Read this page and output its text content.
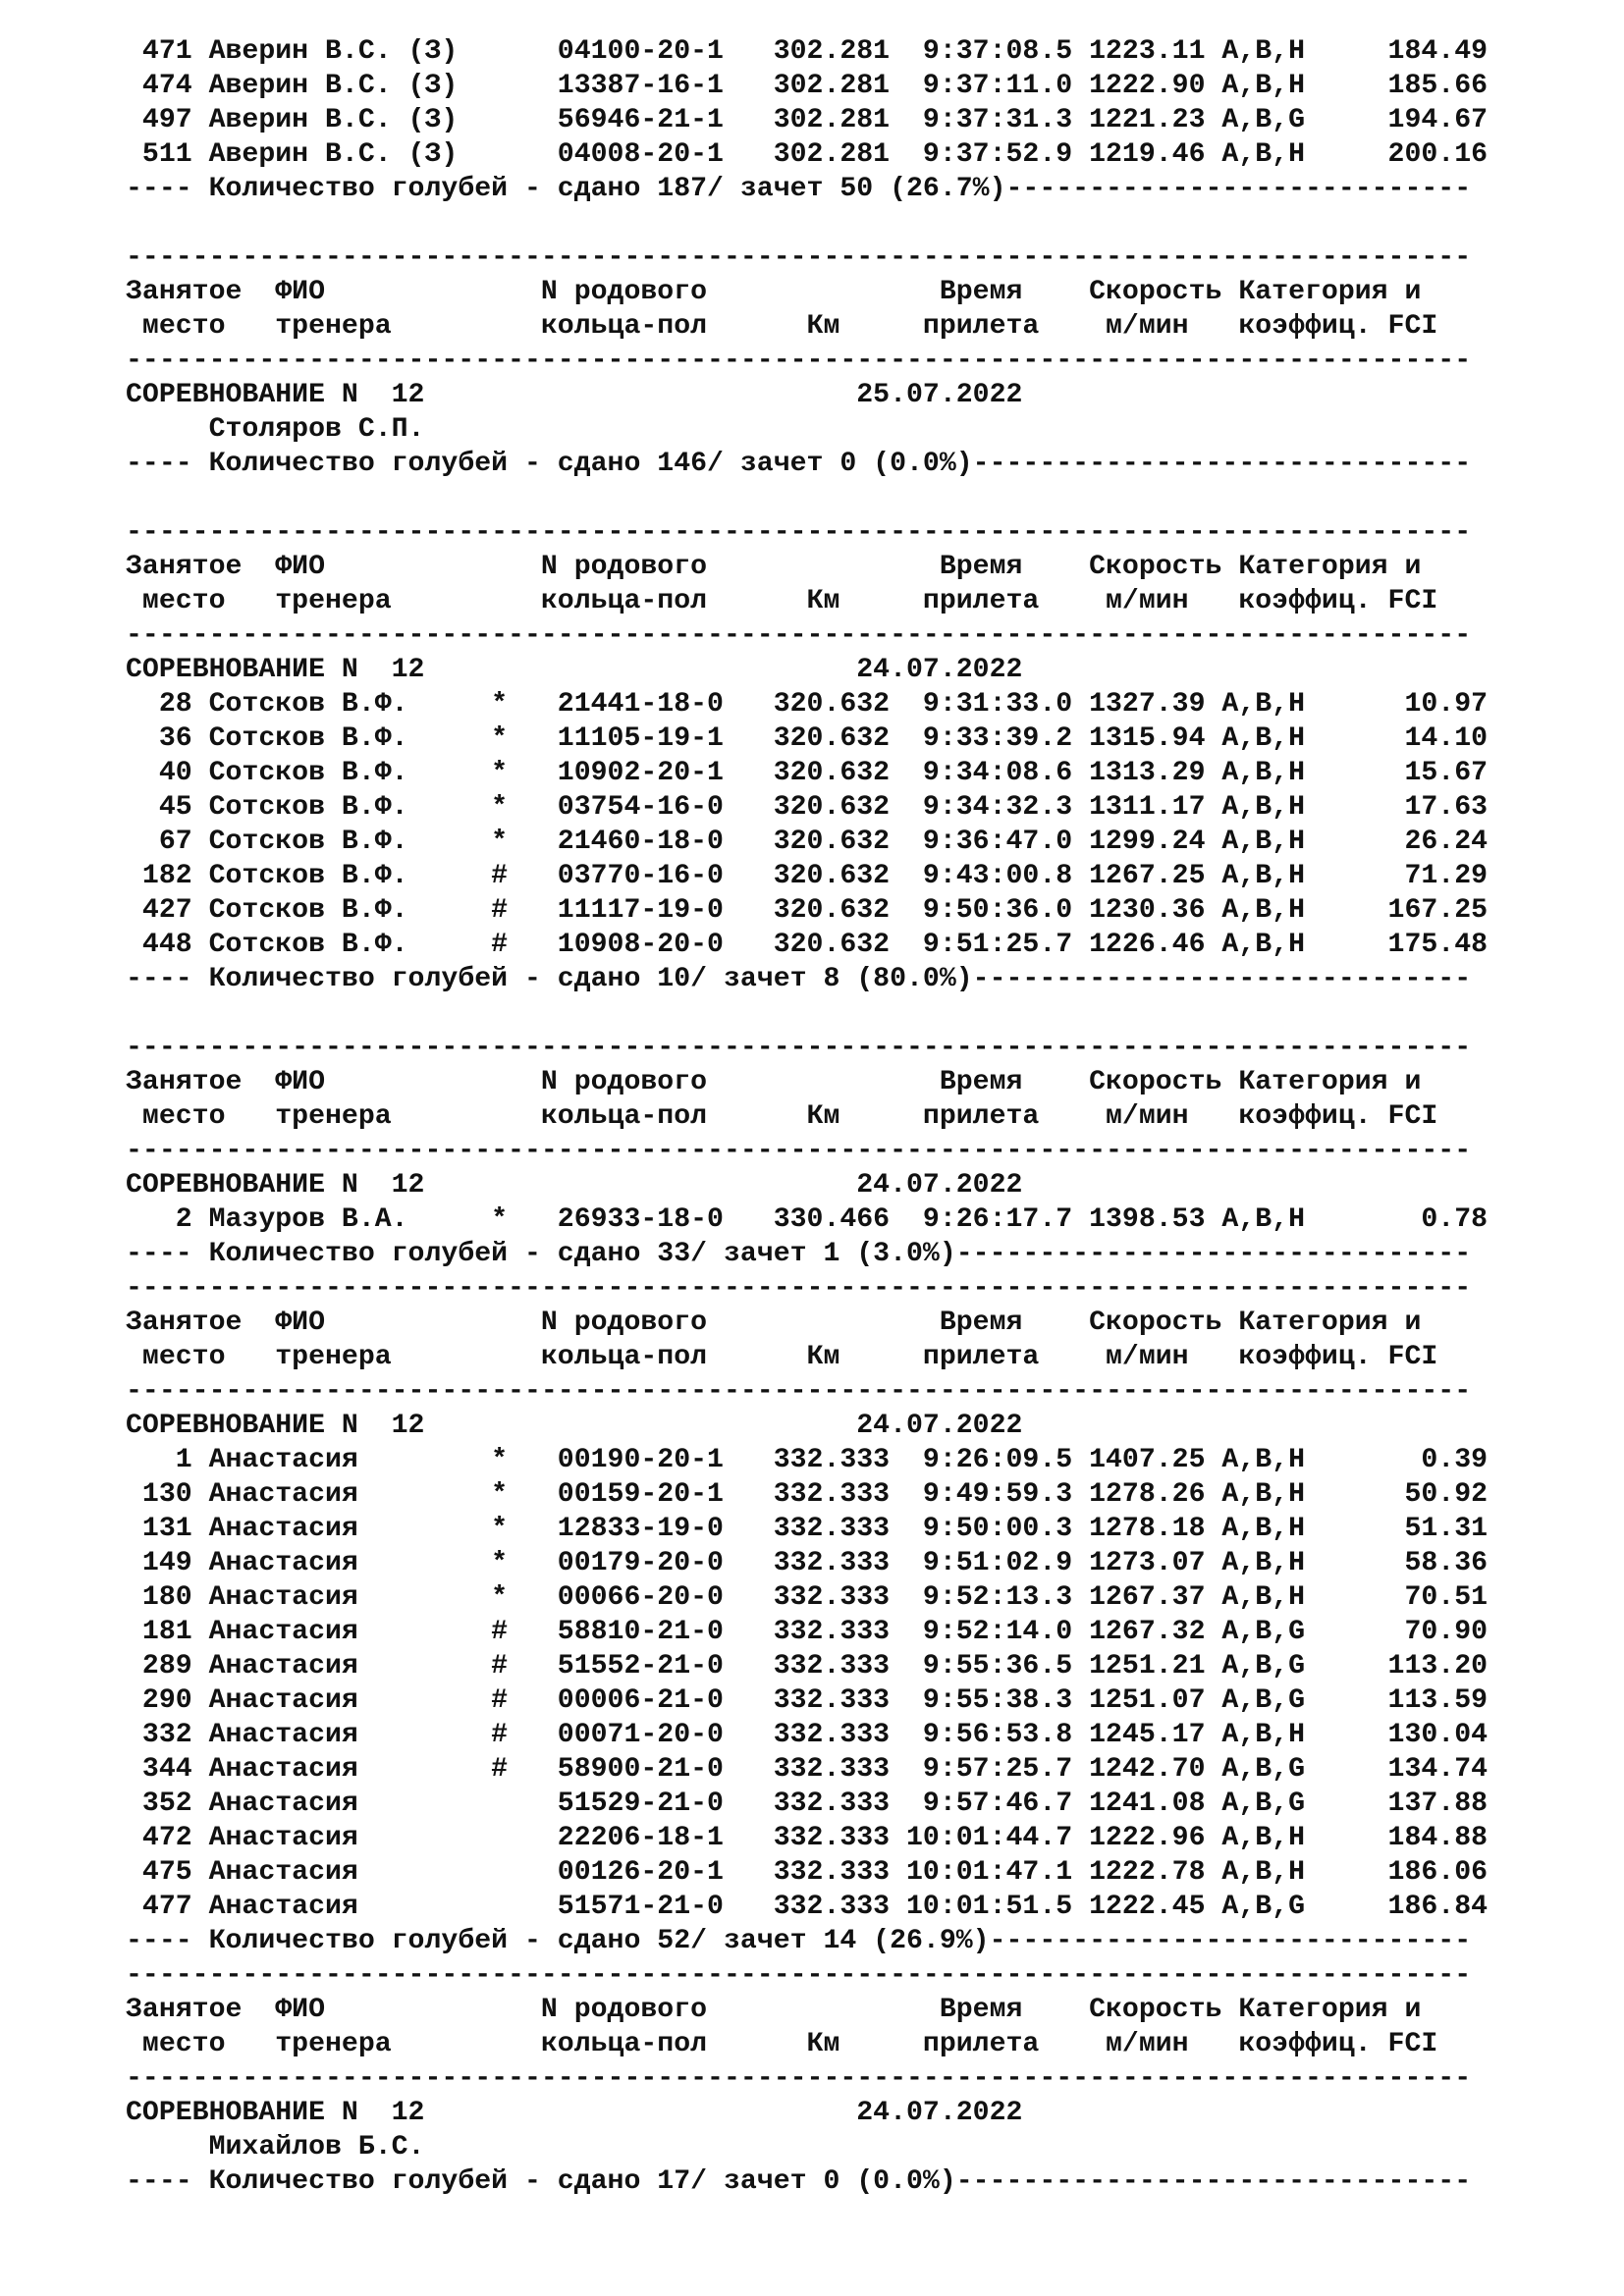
471 Аверин В.С. (З)      04100-20-1   302.281  9:37:08.5 1223.11 A,B,H     184.49
474 Аверин В.С. (З)      13387-16-1   302.281  9:37:11.0 1222.90 A,B,H     185.66
497 Аверин В.С. (З)      56946-21-1   302.281  9:37:31.3 1221.23 A,B,G     194.67
511 Аверин В.С. (З)      04008-20-1   302.281  9:37:52.9 1219.46 A,B,H     200.16
---- Количество голубей - сдано 187/ зачет 50 (26.7%)----------------------------
---------------------------------------------------------------------------------
Занятое  ФИО             N родового              Время    Скорость Категория и
место   тренера         кольца-пол      Км     прилета    м/мин   коэффиц. FCI
---------------------------------------------------------------------------------
СОРЕВНОВАНИЕ N  12                          25.07.2022
Столяров С.П.
---- Количество голубей - сдано 146/ зачет 0 (0.0%)------------------------------
---------------------------------------------------------------------------------
Занятое  ФИО             N родового              Время    Скорость Категория и
место   тренера         кольца-пол      Км     прилета    м/мин   коэффиц. FCI
---------------------------------------------------------------------------------
СОРЕВНОВАНИЕ N  12                          24.07.2022
28 Сотсков В.Ф.     *   21441-18-0   320.632  9:31:33.0 1327.39 A,B,H      10.97
36 Сотсков В.Ф.     *   11105-19-1   320.632  9:33:39.2 1315.94 A,B,H      14.10
40 Сотсков В.Ф.     *   10902-20-1   320.632  9:34:08.6 1313.29 A,B,H      15.67
45 Сотсков В.Ф.     *   03754-16-0   320.632  9:34:32.3 1311.17 A,B,H      17.63
67 Сотсков В.Ф.     *   21460-18-0   320.632  9:36:47.0 1299.24 A,B,H      26.24
182 Сотсков В.Ф.     #   03770-16-0   320.632  9:43:00.8 1267.25 A,B,H      71.29
427 Сотсков В.Ф.     #   11117-19-0   320.632  9:50:36.0 1230.36 A,B,H     167.25
448 Сотсков В.Ф.     #   10908-20-0   320.632  9:51:25.7 1226.46 A,B,H     175.48
---- Количество голубей - сдано 10/ зачет 8 (80.0%)------------------------------
---------------------------------------------------------------------------------
Занятое  ФИО             N родового              Время    Скорость Категория и
место   тренера         кольца-пол      Км     прилета    м/мин   коэффиц. FCI
---------------------------------------------------------------------------------
СОРЕВНОВАНИЕ N  12                          24.07.2022
2 Мазуров В.А.     *   26933-18-0   330.466  9:26:17.7 1398.53 A,B,H       0.78
---- Количество голубей - сдано 33/ зачет 1 (3.0%)-------------------------------
---------------------------------------------------------------------------------
Занятое  ФИО             N родового              Время    Скорость Категория и
место   тренера         кольца-пол      Км     прилета    м/мин   коэффиц. FCI
---------------------------------------------------------------------------------
СОРЕВНОВАНИЕ N  12                          24.07.2022
1 Анастасия        *   00190-20-1   332.333  9:26:09.5 1407.25 A,B,H       0.39
130 Анастасия        *   00159-20-1   332.333  9:49:59.3 1278.26 A,B,H      50.92
131 Анастасия        *   12833-19-0   332.333  9:50:00.3 1278.18 A,B,H      51.31
149 Анастасия        *   00179-20-0   332.333  9:51:02.9 1273.07 A,B,H      58.36
180 Анастасия        *   00066-20-0   332.333  9:52:13.3 1267.37 A,B,H      70.51
181 Анастасия        #   58810-21-0   332.333  9:52:14.0 1267.32 A,B,G      70.90
289 Анастасия        #   51552-21-0   332.333  9:55:36.5 1251.21 A,B,G     113.20
290 Анастасия        #   00006-21-0   332.333  9:55:38.3 1251.07 A,B,G     113.59
332 Анастасия        #   00071-20-0   332.333  9:56:53.8 1245.17 A,B,H     130.04
344 Анастасия        #   58900-21-0   332.333  9:57:25.7 1242.70 A,B,G     134.74
352 Анастасия            51529-21-0   332.333  9:57:46.7 1241.08 A,B,G     137.88
472 Анастасия            22206-18-1   332.333 10:01:44.7 1222.96 A,B,H     184.88
475 Анастасия            00126-20-1   332.333 10:01:47.1 1222.78 A,B,H     186.06
477 Анастасия            51571-21-0   332.333 10:01:51.5 1222.45 A,B,G     186.84
---- Количество голубей - сдано 52/ зачет 14 (26.9%)-----------------------------
---------------------------------------------------------------------------------
Занятое  ФИО             N родового              Время    Скорость Категория и
место   тренера         кольца-пол      Км     прилета    м/мин   коэффиц. FCI
---------------------------------------------------------------------------------
СОРЕВНОВАНИЕ N  12                          24.07.2022
Михайлов Б.С.
---- Количество голубей - сдано 17/ зачет 0 (0.0%)-------------------------------
